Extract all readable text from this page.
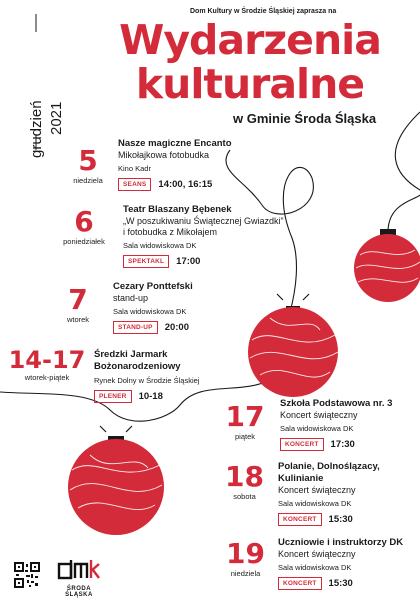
grudzień 2021
Dom Kultury w Środzie Śląskiej zaprasza na
Wydarzenia
kulturalne
w Gminie Środa Śląska
5
niedziela
Nasze magiczne Encanto
Mikołajkowa fotobudka
Kino Kadr
SEANS	14:00, 16:15
6
poniedziałek
Teatr Blaszany Bębenek
„W poszukiwaniu Świątecznej Gwiazdki”
i fotobudka z Mikołajem
Sala widowiskowa DK
SPEKTAKL	17:00
7
wtorek
Cezary Ponttefski
stand-up
Sala widowiskowa DK
STAND-UP	20:00
14-17
wtorek-piątek
Średzki Jarmark
Bożonarodzeniowy
Rynek Dolny w Środzie Śląskiej
PLENER	10-18
17
piątek
Szkoła Podstawowa nr. 3
Koncert świąteczny
Sala widowiskowa DK
KONCERT	17:30
18
sobota
Polanie, Dolnoślązacy,
Kulinianie
Koncert świąteczny
Sala widowiskowa DK
KONCERT	15:30
19
niedziela
Uczniowie i instruktorzy DK
Koncert świąteczny
Sala widowiskowa DK
KONCERT	15:30
ŚRODA ŚLĄSKA
